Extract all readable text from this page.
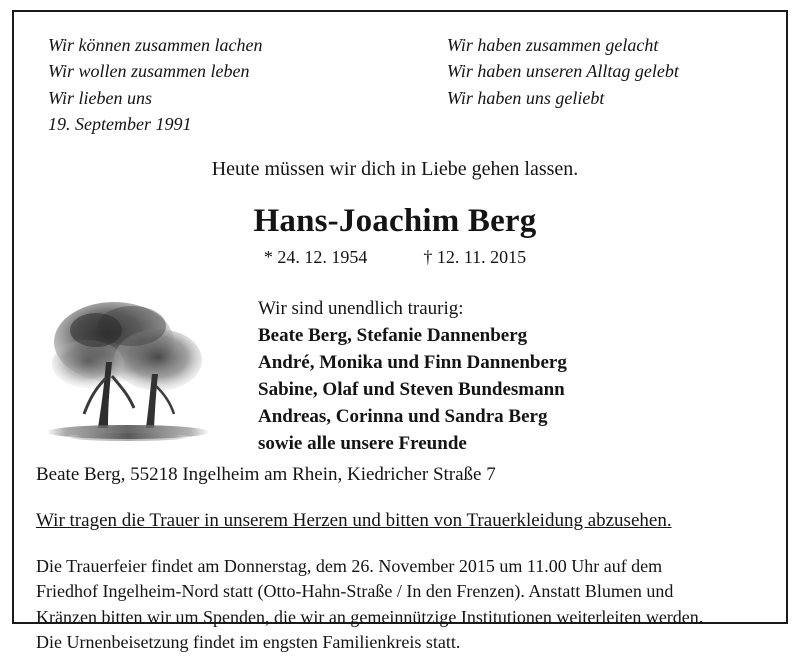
Wir können zusammen lachen
Wir wollen zusammen leben
Wir lieben uns
19. September 1991
Wir haben zusammen gelacht
Wir haben unseren Alltag gelebt
Wir haben uns geliebt
Heute müssen wir dich in Liebe gehen lassen.
Hans-Joachim Berg
* 24. 12. 1954	† 12. 11. 2015
Wir sind unendlich traurig:
Beate Berg, Stefanie Dannenberg
André, Monika und Finn Dannenberg
Sabine, Olaf und Steven Bundesmann
Andreas, Corinna und Sandra Berg
sowie alle unsere Freunde
Beate Berg, 55218 Ingelheim am Rhein, Kiedricher Straße 7
Wir tragen die Trauer in unserem Herzen und bitten von Trauerkleidung abzusehen.
Die Trauerfeier findet am Donnerstag, dem 26. November 2015 um 11.00 Uhr auf dem
Friedhof Ingelheim-Nord statt (Otto-Hahn-Straße / In den Frenzen). Anstatt Blumen und
Kränzen bitten wir um Spenden, die wir an gemeinnützige Institutionen weiterleiten werden.
Die Urnenbeisetzung findet im engsten Familienkreis statt.
